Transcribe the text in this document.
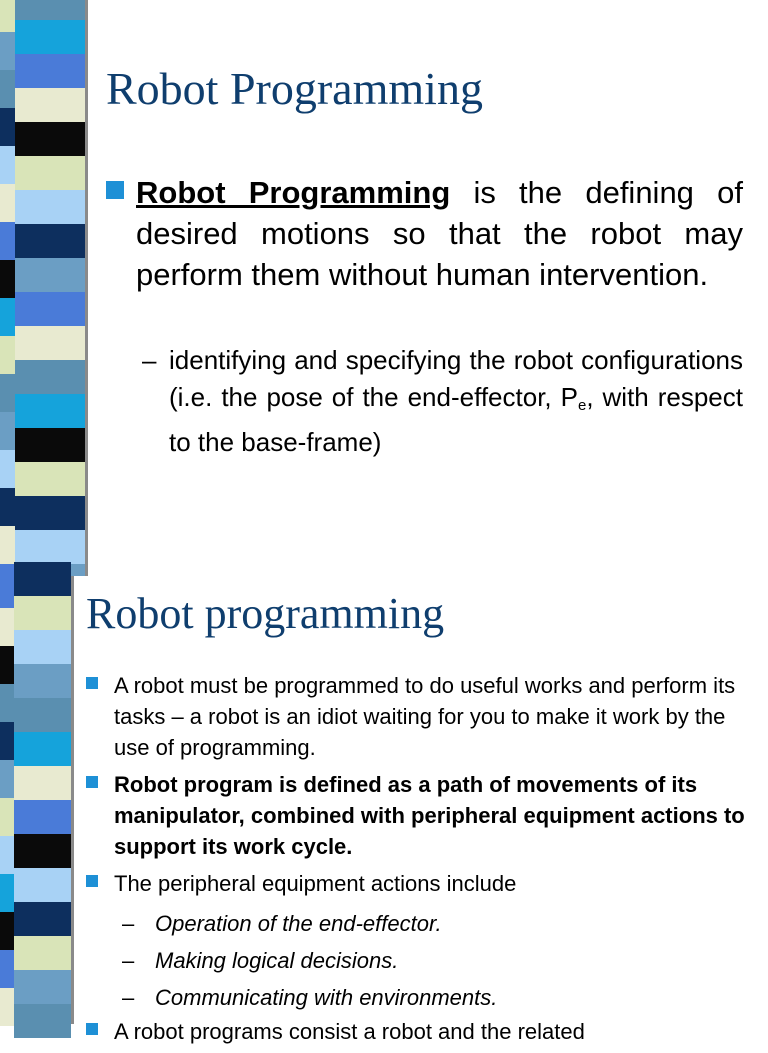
Robot Programming
Robot Programming is the defining of desired motions so that the robot may perform them without human intervention.
– identifying and specifying the robot configurations (i.e. the pose of the end-effector, $P_e$, with respect to the base-frame)
Robot programming
A robot must be programmed to do useful works and perform its tasks – a robot is an idiot waiting for you to make it work by the use of programming.
Robot program is defined as a path of movements of its manipulator, combined with peripheral equipment actions to support its work cycle.
The peripheral equipment actions include
– Operation of the end-effector.
– Making logical decisions.
– Communicating with environments.
A robot programs consist a robot and the related
